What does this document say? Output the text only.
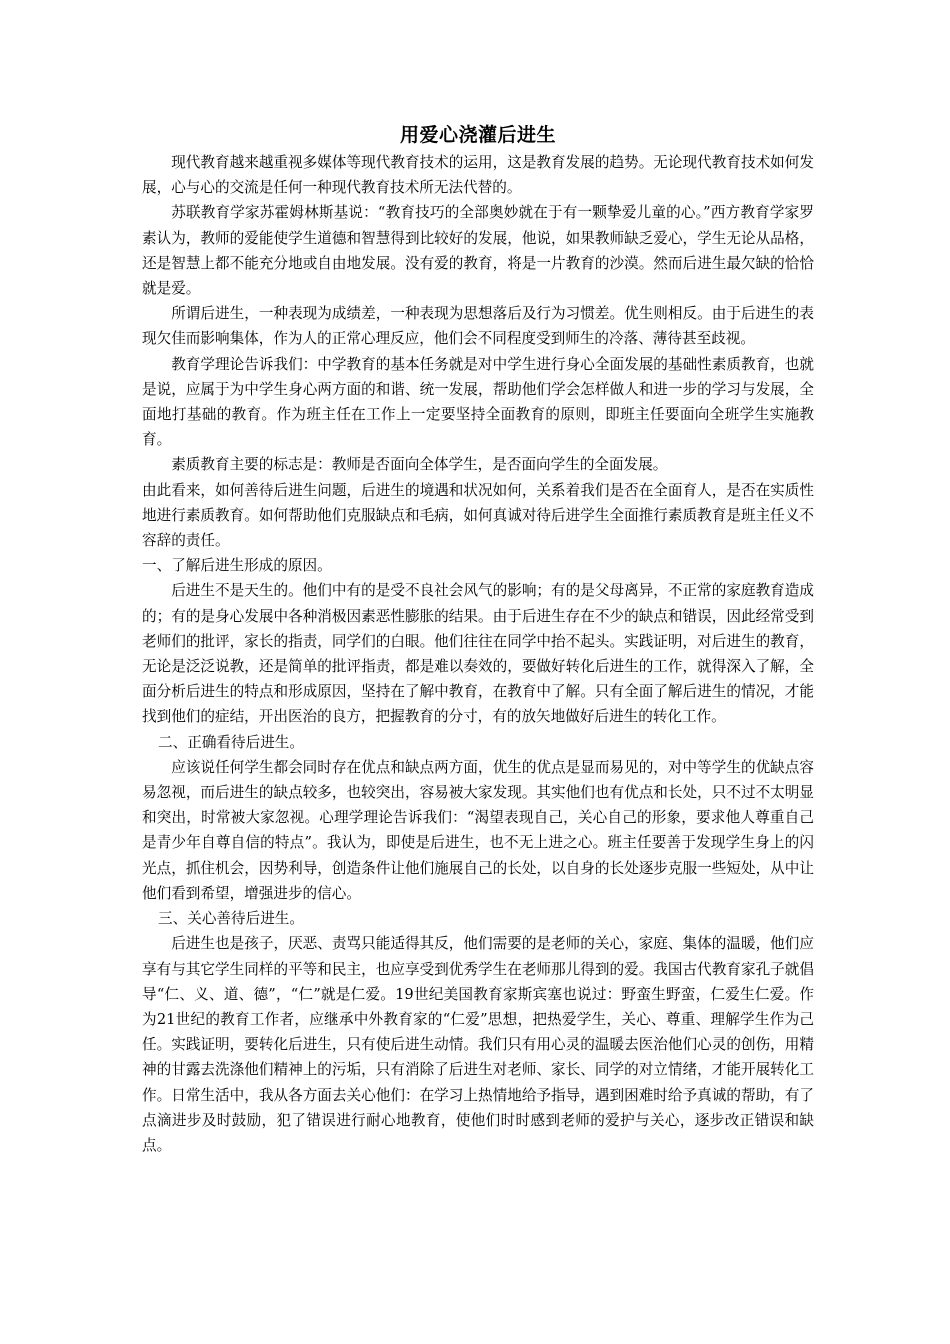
用爱心浇灌后进生

现代教育越来越重视多媒体等现代教育技术的运用，这是教育发展的趋势。无论现代教育技术如何发展，心与心的交流是任何一种现代教育技术所无法代替的。

苏联教育学家苏霍姆林斯基说：“教育技巧的全部奥妙就在于有一颗挚爱儿童的心。”西方教育学家罗素认为，教师的爱能使学生道德和智慧得到比较好的发展，他说，如果教师缺乏爱心，学生无论从品格，还是智慧上都不能充分地或自由地发展。没有爱的教育，将是一片教育的沙漠。然而后进生最欠缺的恰恰就是爱。

所谓后进生，一种表现为成绩差，一种表现为思想落后及行为习惯差。优生则相反。由于后进生的表现欠佳而影响集体，作为人的正常心理反应，他们会不同程度受到师生的冷落、薄待甚至歧视。

教育学理论告诉我们：中学教育的基本任务就是对中学生进行身心全面发展的基础性素质教育，也就是说，应属于为中学生身心两方面的和谐、统一发展，帮助他们学会怎样做人和进一步的学习与发展，全面地打基础的教育。作为班主任在工作上一定要坚持全面教育的原则，即班主任要面向全班学生实施教育。

素质教育主要的标志是：教师是否面向全体学生，是否面向学生的全面发展。

由此看来，如何善待后进生问题，后进生的境遇和状况如何，关系着我们是否在全面育人，是否在实质性地进行素质教育。如何帮助他们克服缺点和毛病，如何真诚对待后进学生全面推行素质教育是班主任义不容辞的责任。

一、了解后进生形成的原因。

后进生不是天生的。他们中有的是受不良社会风气的影响；有的是父母离异，不正常的家庭教育造成的；有的是身心发展中各种消极因素恶性膨胀的结果。由于后进生存在不少的缺点和错误，因此经常受到老师们的批评，家长的指责，同学们的白眼。他们往往在同学中抬不起头。实践证明，对后进生的教育，无论是泛泛说教，还是简单的批评指责，都是难以奏效的，要做好转化后进生的工作，就得深入了解，全面分析后进生的特点和形成原因，坚持在了解中教育，在教育中了解。只有全面了解后进生的情况，才能找到他们的症结，开出医治的良方，把握教育的分寸，有的放矢地做好后进生的转化工作。

二、正确看待后进生。

应该说任何学生都会同时存在优点和缺点两方面，优生的优点是显而易见的，对中等学生的优缺点容易忽视，而后进生的缺点较多，也较突出，容易被大家发现。其实他们也有优点和长处，只不过不太明显和突出，时常被大家忽视。心理学理论告诉我们：“渴望表现自己，关心自己的形象，要求他人尊重自己是青少年自尊自信的特点”。我认为，即使是后进生，也不无上进之心。班主任要善于发现学生身上的闪光点，抓住机会，因势利导，创造条件让他们施展自己的长处，以自身的长处逐步克服一些短处，从中让他们看到希望，增强进步的信心。

三、关心善待后进生。

后进生也是孩子，厌恶、责骂只能适得其反，他们需要的是老师的关心，家庭、集体的温暖，他们应享有与其它学生同样的平等和民主，也应享受到优秀学生在老师那儿得到的爱。我国古代教育家孔子就倡导“仁、义、道、德”，“仁”就是仁爱。19世纪美国教育家斯宾塞也说过：野蛮生野蛮，仁爱生仁爱。作为21世纪的教育工作者，应继承中外教育家的“仁爱”思想，把热爱学生，关心、尊重、理解学生作为己任。实践证明，要转化后进生，只有使后进生动情。我们只有用心灵的温暖去医治他们心灵的创伤，用精神的甘露去洗涤他们精神上的污垢，只有消除了后进生对老师、家长、同学的对立情绪，才能开展转化工作。日常生活中，我从各方面去关心他们：在学习上热情地给予指导，遇到困难时给予真诚的帮助，有了点滴进步及时鼓励，犯了错误进行耐心地教育，使他们时时感到老师的爱护与关心，逐步改正错误和缺点。
